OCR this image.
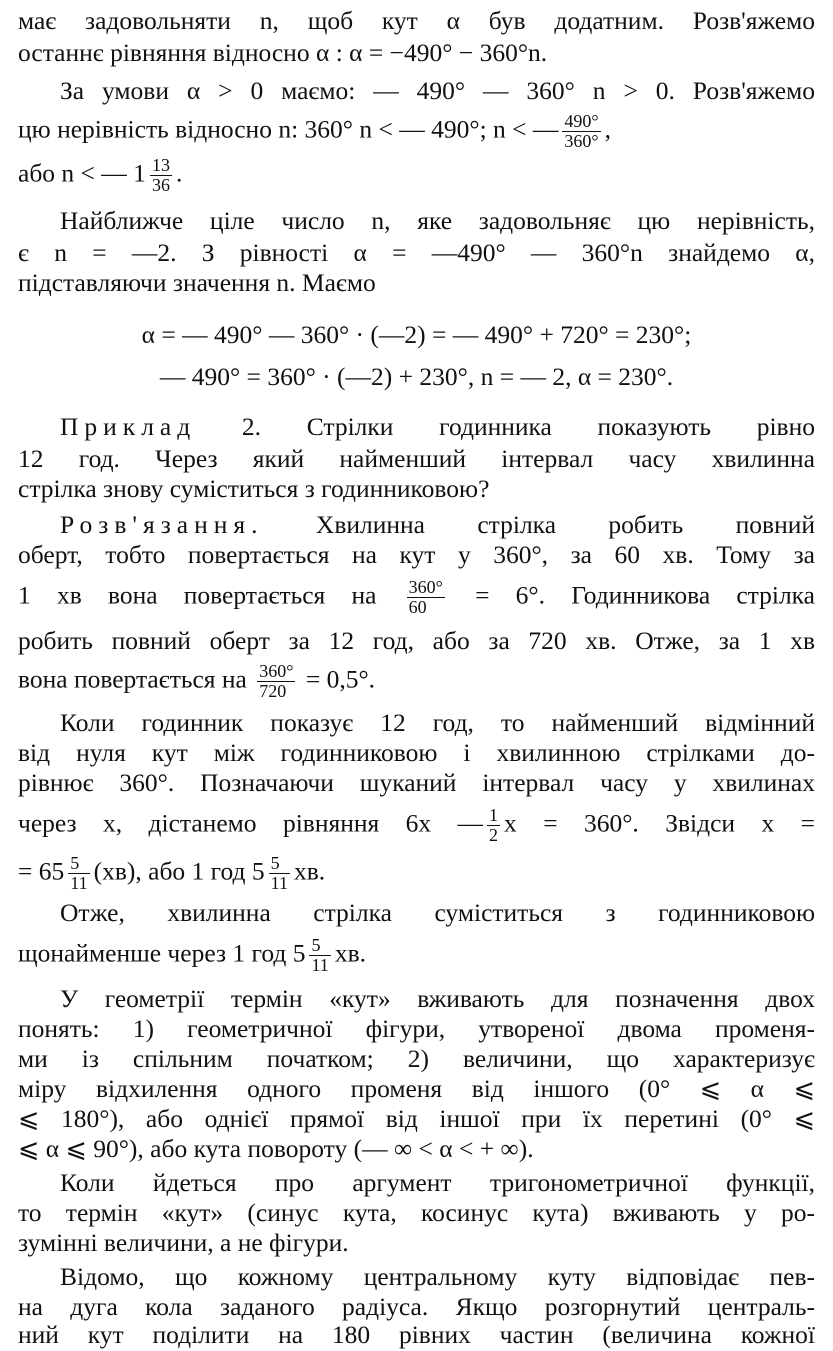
має задовольняти n, щоб кут α був додатним. Розв'яжемо
останнє рівняння відносно α : α = −490° − 360°n.
За умови α > 0 маємо: — 490° — 360° n > 0. Розв'яжемо
цю нерівність відносно n: 360° n < — 490°; n < — $\frac{490^\circ}{360^\circ}$ ,
або n < — $1 \frac{13}{36}$ .
Найближче ціле число n, яке задовольняє цю нерівність,
є n = —2. З рівності α = —490° — 360°n знайдемо α,
підставляючи значення n. Маємо
α = — 490° — 360° · (—2) = — 490° + 720° = 230°;
— 490° = 360° · (—2) + 230°, n = — 2, α = 230°.
Приклад 2. Стрілки годинника показують рівно
12 год. Через який найменший інтервал часу хвилинна
стрілка знову суміститься з годинниковою?
Розв'язання. Хвилинна стрілка робить повний
оберт, тобто повертається на кут у 360°, за 60 хв. Тому за
1 хв вона повертається на $\frac{360^\circ}{60} = 6^\circ$. Годинникова стрілка
робить повний оберт за 12 год, або за 720 хв. Отже, за 1 хв
вона повертається на $\frac{360^\circ}{720} = 0,5^\circ$.
Коли годинник показує 12 год, то найменший відмінний
від нуля кут між годинниковою і хвилинною стрілками до-
рівнює 360°. Позначаючи шуканий інтервал часу у хвилинах
через x, дістанемо рівняння 6x — $\frac{1}{2}$ x = 360°. Звідси x =
= $65 \frac{5}{11} (хв)$, або 1 год $5 \frac{5}{11}$ хв.
Отже, хвилинна стрілка суміститься з годинниковою
щонайменше через 1 год $5 \frac{5}{11}$ хв.
У геометрії термін «кут» вживають для позначення двох
понять: 1) геометричної фігури, утвореної двома променя-
ми із спільним початком; 2) величини, що характеризує
міру відхилення одного променя від іншого (0° ⩽ α ⩽
⩽ 180°), або однієї прямої від іншої при їх перетині (0° ⩽
⩽ α ⩽ 90°), або кута повороту (— ∞ < α < + ∞).
Коли йдеться про аргумент тригонометричної функції,
то термін «кут» (синус кута, косинус кута) вживають у ро-
зумінні величини, а не фігури.
Відомо, що кожному центральному куту відповідає пев-
на дуга кола заданого радіуса. Якщо розгорнутий централь-
ний кут поділити на 180 рівних частин (величина кожної
